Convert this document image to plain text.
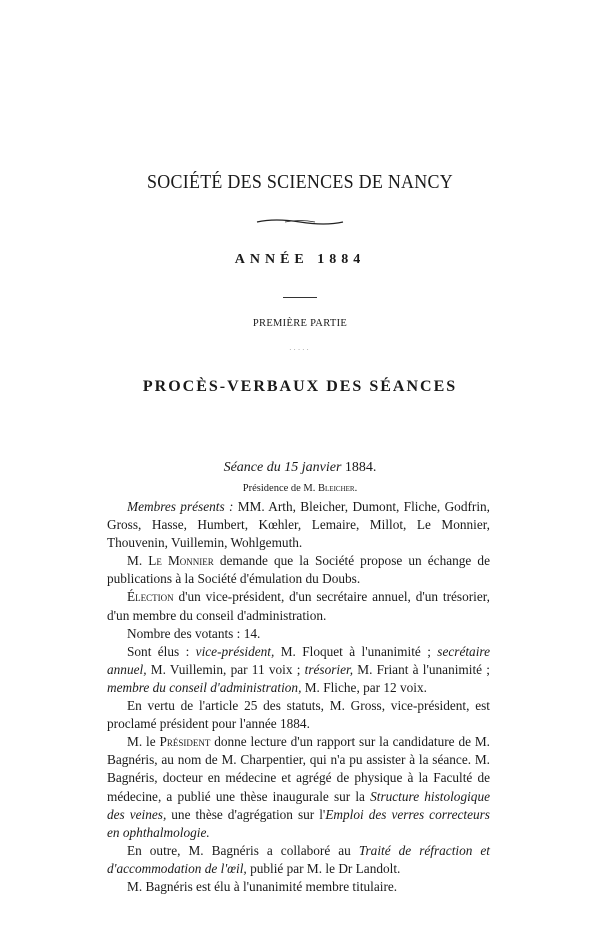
SOCIÉTÉ DES SCIENCES DE NANCY
ANNÉE 1884
PREMIÈRE PARTIE
·····
PROCÈS-VERBAUX DES SÉANCES
Séance du 15 janvier 1884.
Présidence de M. Bleicher.

Membres présents : MM. Arth, Bleicher, Dumont, Fliche, Godfrin, Gross, Hasse, Humbert, Kœhler, Lemaire, Millot, Le Monnier, Thouvenin, Vuillemin, Wohlgemuth.

M. Le Monnier demande que la Société propose un échange de publications à la Société d'émulation du Doubs.

Élection d'un vice-président, d'un secrétaire annuel, d'un trésorier, d'un membre du conseil d'administration.

Nombre des votants : 14.

Sont élus : vice-président, M. Floquet à l'unanimité ; secrétaire annuel, M. Vuillemin, par 11 voix ; trésorier, M. Friant à l'unanimité ; membre du conseil d'administration, M. Fliche, par 12 voix.

En vertu de l'article 25 des statuts, M. Gross, vice-président, est proclamé président pour l'année 1884.

M. le Président donne lecture d'un rapport sur la candidature de M. Bagnéris, au nom de M. Charpentier, qui n'a pu assister à la séance. M. Bagnéris, docteur en médecine et agrégé de physique à la Faculté de médecine, a publié une thèse inaugurale sur la Structure histologique des veines, une thèse d'agrégation sur l'Emploi des verres correcteurs en ophthalmologie.

En outre, M. Bagnéris a collaboré au Traité de réfraction et d'accommodation de l'œil, publié par M. le Dr Landolt.

M. Bagnéris est élu à l'unanimité membre titulaire.
